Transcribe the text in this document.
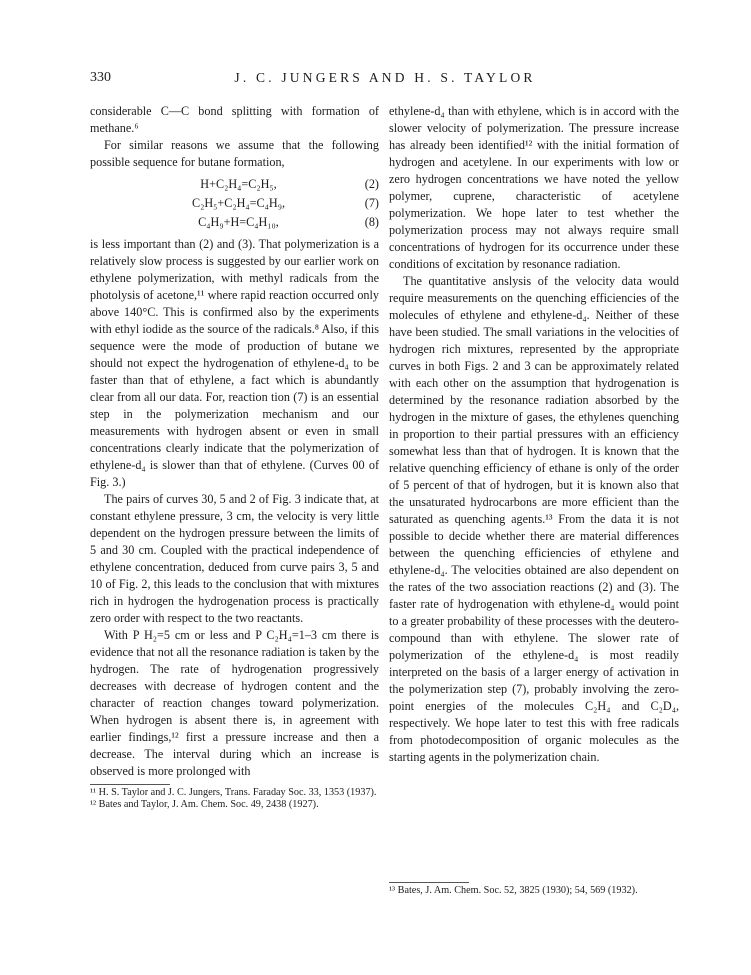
330	J. C. JUNGERS AND H. S. TAYLOR

considerable C—C bond splitting with formation of methane.⁶

For similar reasons we assume that the following possible sequence for butane formation,

H+C₂H₄=C₂H₅,	(2)
C₂H₅+C₂H₄=C₄H₉,	(7)
C₄H₉+H=C₄H₁₀,	(8)

is less important than (2) and (3). That polymerization is a relatively slow process is suggested by our earlier work on ethylene polymerization, with methyl radicals from the photolysis of acetone,¹¹ where rapid reaction occurred only above 140°C. This is confirmed also by the experiments with ethyl iodide as the source of the radicals.⁸ Also, if this sequence were the mode of production of butane we should not expect the hydrogenation of ethylene-d₄ to be faster than that of ethylene, a fact which is abundantly clear from all our data. For, reaction tion (7) is an essential step in the polymerization mechanism and our measurements with hydrogen absent or even in small concentrations clearly indicate that the polymerization of ethylene-d₄ is slower than that of ethylene. (Curves 00 of Fig. 3.)

The pairs of curves 30, 5 and 2 of Fig. 3 indicate that, at constant ethylene pressure, 3 cm, the velocity is very little dependent on the hydrogen pressure between the limits of 5 and 30 cm. Coupled with the practical independence of ethylene concentration, deduced from curve pairs 3, 5 and 10 of Fig. 2, this leads to the conclusion that with mixtures rich in hydrogen the hydrogenation process is practically zero order with respect to the two reactants.

With P H₂=5 cm or less and P C₂H₄=1–3 cm there is evidence that not all the resonance radiation is taken by the hydrogen. The rate of hydrogenation progressively decreases with decrease of hydrogen content and the character of reaction changes toward polymerization. When hydrogen is absent there is, in agreement with earlier findings,¹² first a pressure increase and then a decrease. The interval during which an increase is observed is more prolonged with

¹¹ H. S. Taylor and J. C. Jungers, Trans. Faraday Soc. 33, 1353 (1937).
¹² Bates and Taylor, J. Am. Chem. Soc. 49, 2438 (1927).

ethylene-d₄ than with ethylene, which is in accord with the slower velocity of polymerization. The pressure increase has already been identified¹² with the initial formation of hydrogen and acetylene. In our experiments with low or zero hydrogen concentrations we have noted the yellow polymer, cuprene, characteristic of acetylene polymerization. We hope later to test whether the polymerization process may not always require small concentrations of hydrogen for its occurrence under these conditions of excitation by resonance radiation.

The quantitative anslysis of the velocity data would require measurements on the quenching efficiencies of the molecules of ethylene and ethylene-d₄. Neither of these have been studied. The small variations in the velocities of hydrogen rich mixtures, represented by the appropriate curves in both Figs. 2 and 3 can be approximately related with each other on the assumption that hydrogenation is determined by the resonance radiation absorbed by the hydrogen in the mixture of gases, the ethylenes quenching in proportion to their partial pressures with an efficiency somewhat less than that of hydrogen. It is known that the relative quenching efficiency of ethane is only of the order of 5 percent of that of hydrogen, but it is known also that the unsaturated hydrocarbons are more efficient than the saturated as quenching agents.¹³ From the data it is not possible to decide whether there are material differences between the quenching efficiencies of ethylene and ethylene-d₄. The velocities obtained are also dependent on the rates of the two association reactions (2) and (3). The faster rate of hydrogenation with ethylene-d₄ would point to a greater probability of these processes with the deutero-compound than with ethylene. The slower rate of polymerization of the ethylene-d₄ is most readily interpreted on the basis of a larger energy of activation in the polymerization step (7), probably involving the zero-point energies of the molecules C₂H₄ and C₂D₄, respectively. We hope later to test this with free radicals from photodecomposition of organic molecules as the starting agents in the polymerization chain.

¹³ Bates, J. Am. Chem. Soc. 52, 3825 (1930); 54, 569 (1932).
